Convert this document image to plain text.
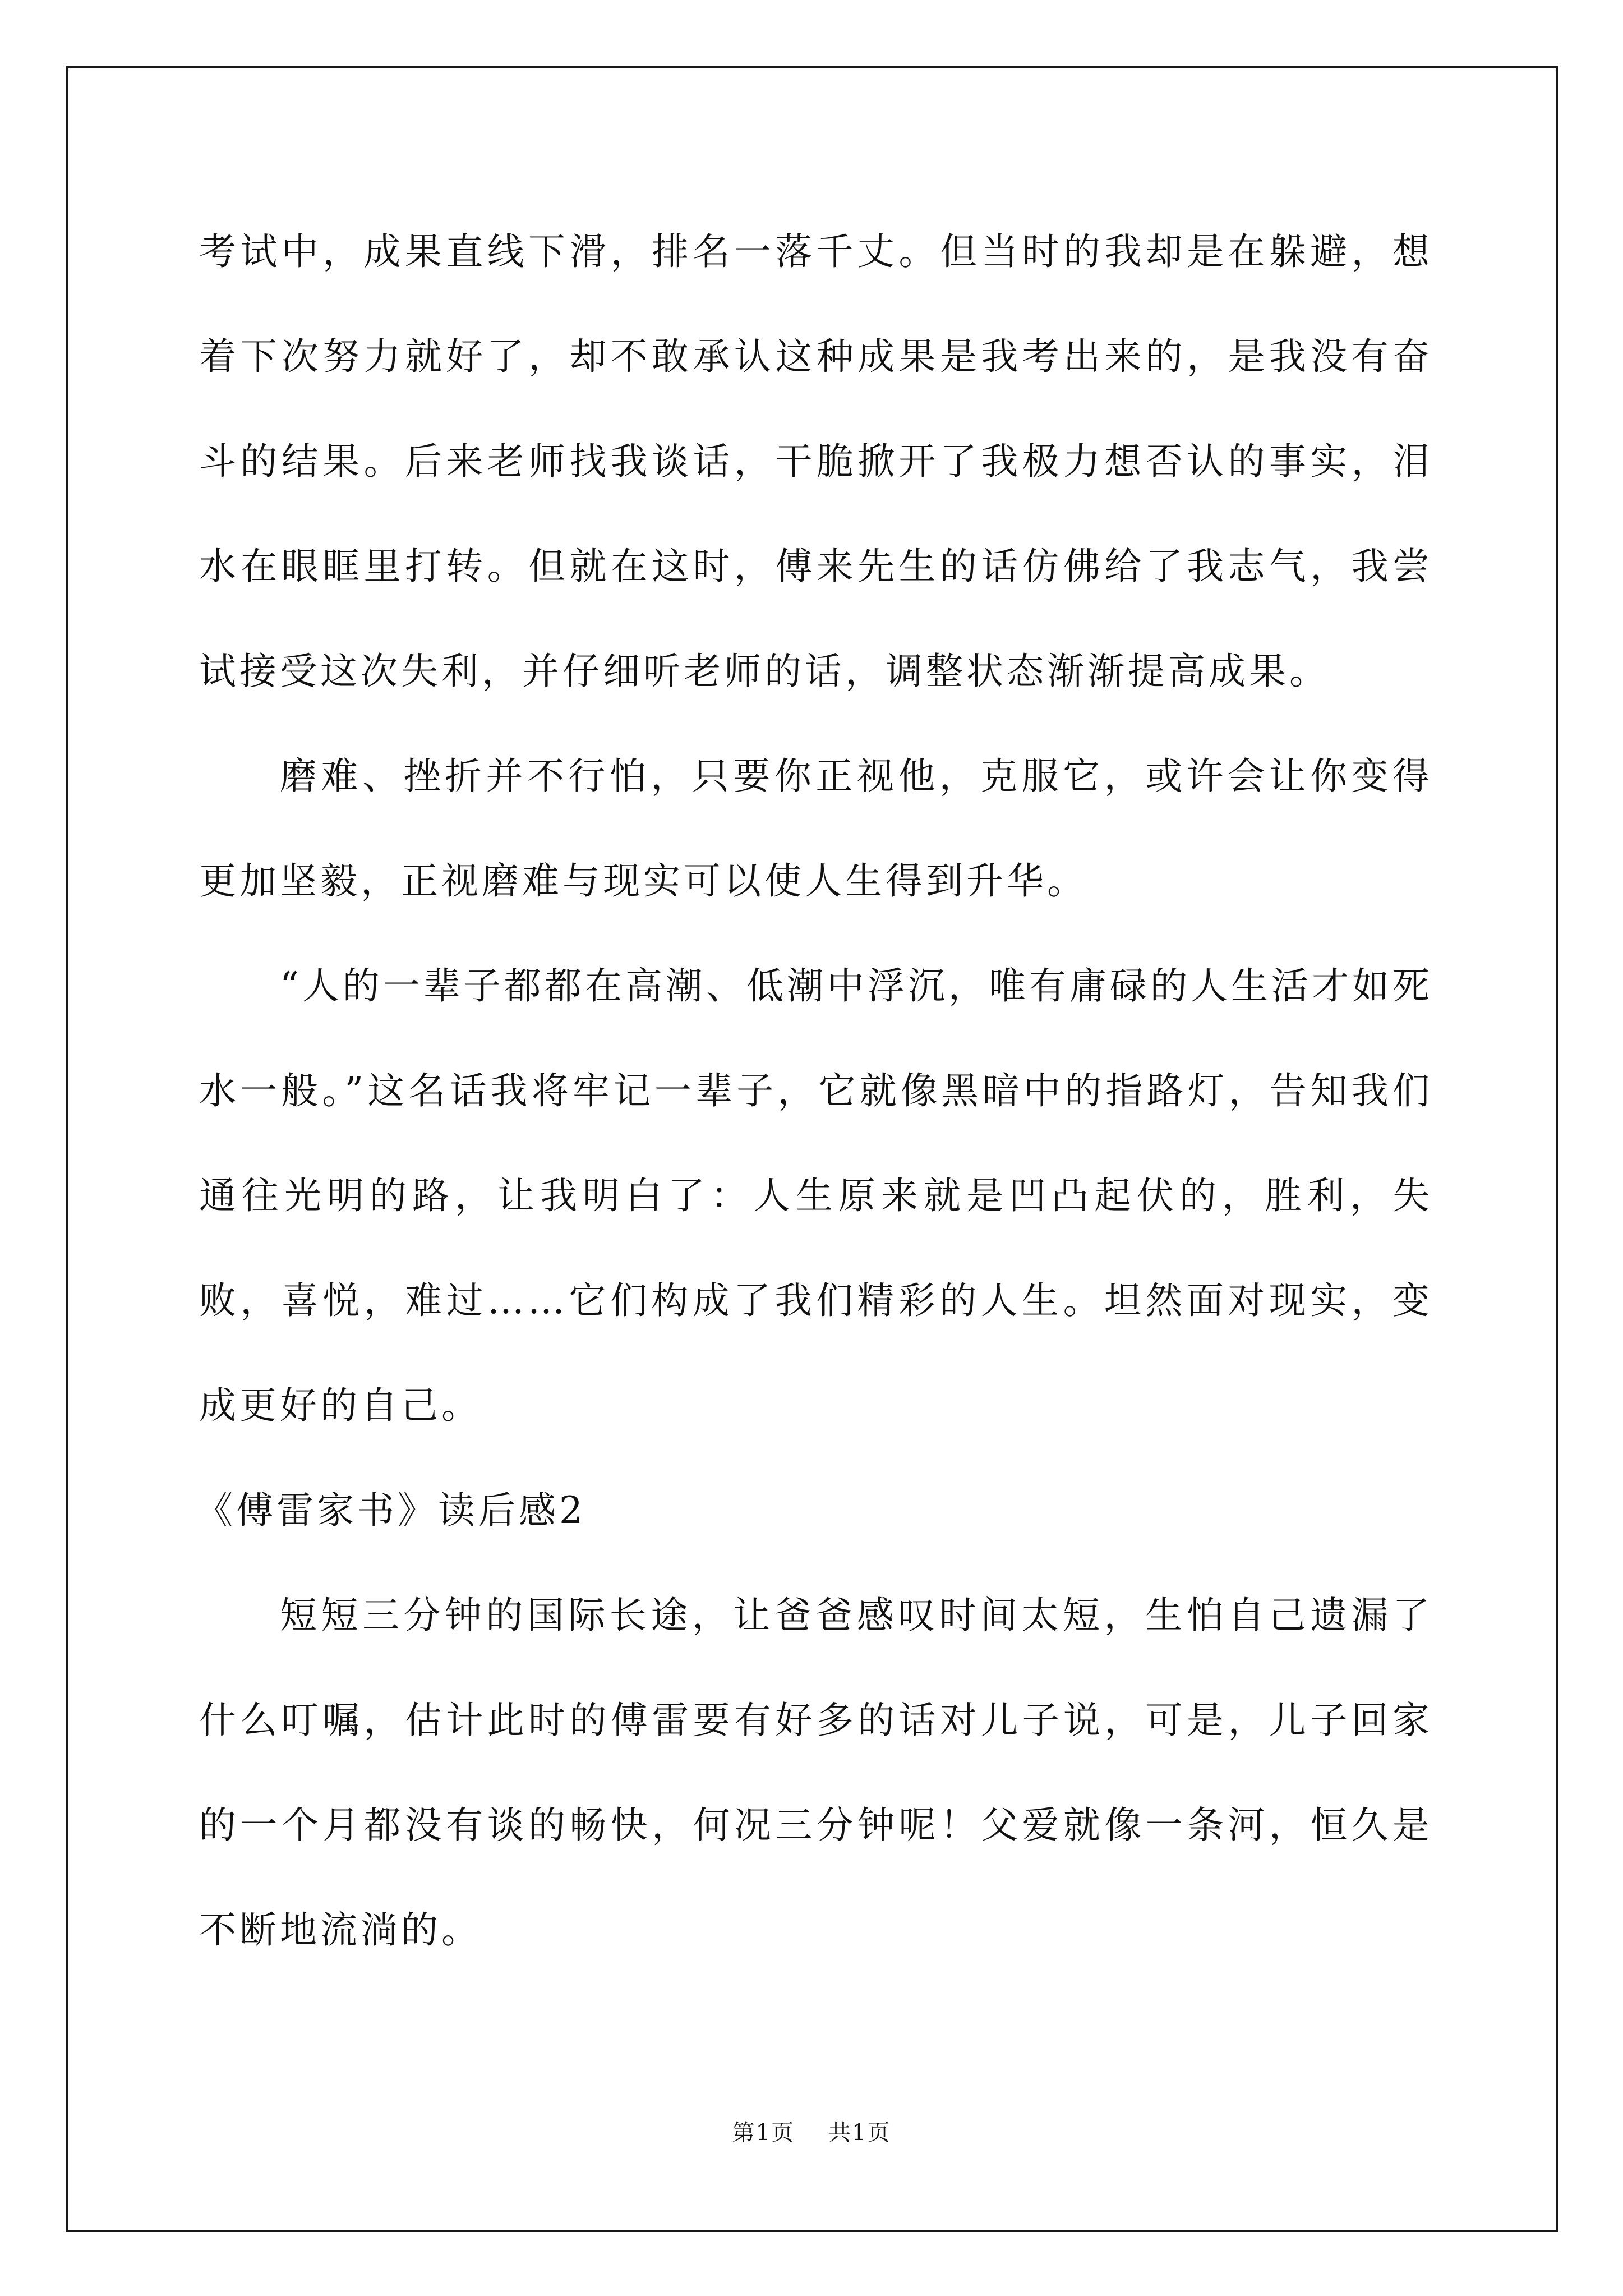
考试中，成果直线下滑，排名一落千丈。但当时的我却是在躲避，想着下次努力就好了，却不敢承认这种成果是我考出来的，是我没有奋斗的结果。后来老师找我谈话，干脆掀开了我极力想否认的事实，泪水在眼眶里打转。但就在这时，傅来先生的话仿佛给了我志气，我尝试接受这次失利，并仔细听老师的话，调整状态渐渐提高成果。

磨难、挫折并不行怕，只要你正视他，克服它，或许会让你变得更加坚毅，正视磨难与现实可以使人生得到升华。

“人的一辈子都都在高潮、低潮中浮沉，唯有庸碌的人生活才如死水一般。”这名话我将牢记一辈子，它就像黑暗中的指路灯，告知我们通往光明的路，让我明白了：人生原来就是凹凸起伏的，胜利，失败，喜悦，难过……它们构成了我们精彩的人生。坦然面对现实，变成更好的自己。

《傅雷家书》读后感2

短短三分钟的国际长途，让爸爸感叹时间太短，生怕自己遗漏了什么叮嘱，估计此时的傅雷要有好多的话对儿子说，可是，儿子回家的一个月都没有谈的畅快，何况三分钟呢！父爱就像一条河，恒久是不断地流淌的。

第1页 共1页
